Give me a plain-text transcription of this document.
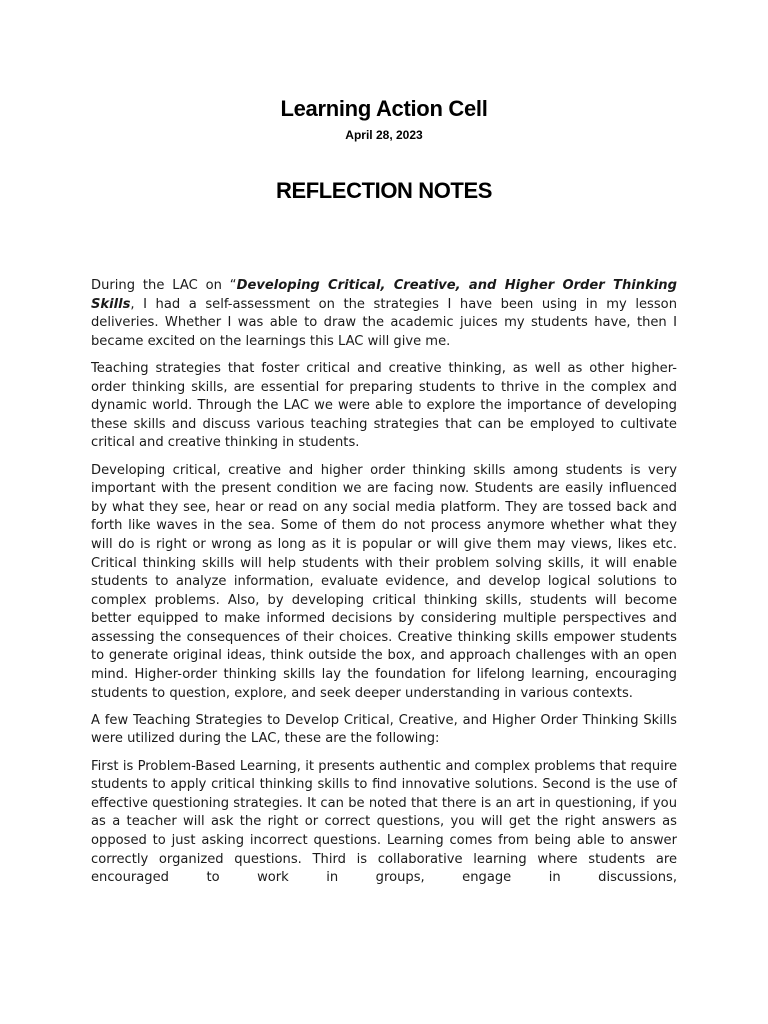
Learning Action Cell
April 28, 2023
REFLECTION NOTES

During the LAC on “Developing Critical, Creative, and Higher Order Thinking Skills, I had a self-assessment on the strategies I have been using in my lesson deliveries. Whether I was able to draw the academic juices my students have, then I became excited on the learnings this LAC will give me.

Teaching strategies that foster critical and creative thinking, as well as other higher-order thinking skills, are essential for preparing students to thrive in the complex and dynamic world. Through the LAC we were able to explore the importance of developing these skills and discuss various teaching strategies that can be employed to cultivate critical and creative thinking in students.

Developing critical, creative and higher order thinking skills among students is very important with the present condition we are facing now. Students are easily influenced by what they see, hear or read on any social media platform. They are tossed back and forth like waves in the sea. Some of them do not process anymore whether what they will do is right or wrong as long as it is popular or will give them may views, likes etc. Critical thinking skills will help students with their problem solving skills, it will enable students to analyze information, evaluate evidence, and develop logical solutions to complex problems. Also, by developing critical thinking skills, students will become better equipped to make informed decisions by considering multiple perspectives and assessing the consequences of their choices. Creative thinking skills empower students to generate original ideas, think outside the box, and approach challenges with an open mind. Higher-order thinking skills lay the foundation for lifelong learning, encouraging students to question, explore, and seek deeper understanding in various contexts.

A few Teaching Strategies to Develop Critical, Creative, and Higher Order Thinking Skills were utilized during the LAC, these are the following:

First is Problem-Based Learning, it presents authentic and complex problems that require students to apply critical thinking skills to find innovative solutions. Second is the use of effective questioning strategies. It can be noted that there is an art in questioning, if you as a teacher will ask the right or correct questions, you will get the right answers as opposed to just asking incorrect questions. Learning comes from being able to answer correctly organized questions. Third is collaborative learning where students are encouraged to work in groups, engage in discussions,
